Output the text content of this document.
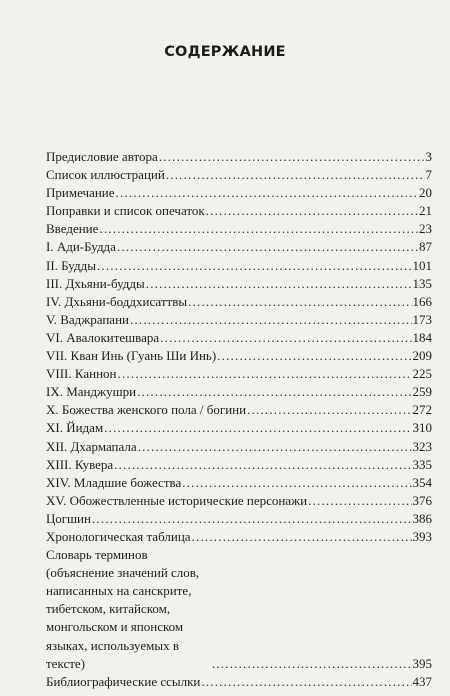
СОДЕРЖАНИЕ
Предисловие автора .....	3
Список иллюстраций .....	7
Примечание .....	20
Поправки и список опечаток .....	21
Введение .....	23
I. Ади-Будда .....	87
II. Будды .....	101
III. Дхьяни-будды .....	135
IV. Дхьяни-боддхисаттвы .....	166
V. Ваджрапани .....	173
VI. Авалокитешвара .....	184
VII. Кван Инь (Гуань Ши Инь) .....	209
VIII. Каннон .....	225
IX. Манджушри .....	259
X. Божества женского пола / богини .....	272
XI. Йидам .....	310
XII. Дхармапала .....	323
XIII. Кувера .....	335
XIV. Младшие божества .....	354
XV. Обожествленные исторические персонажи .....	376
Цогшин .....	386
Хронологическая таблица .....	393
Словарь терминов (объяснение значений слов, написанных на санскрите, тибетском, китайском, монгольском и японском языках, используемых в тексте) .....	395
Библиографические ссылки .....	437
